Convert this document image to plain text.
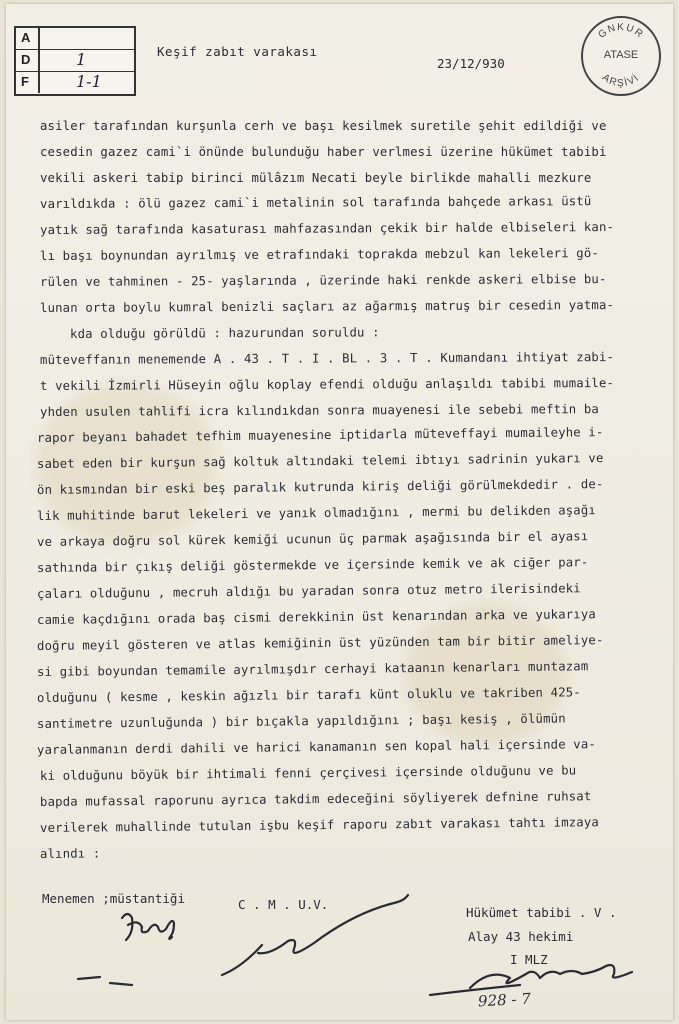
A
D	1
F	1-1
Keşif zabıt varakası
23/12/930
GNKUR
ARŞİVİ
ATASE
asiler tarafından kurşunla cerh ve başı kesilmek suretile şehit edildiği ve
cesedin gazez cami`i önünde bulunduğu haber verlmesi üzerine hükümet tabibi
vekili askeri tabip birinci mülâzım Necati beyle birlikde mahalli mezkure
varıldıkda : ölü gazez cami`i metalinin sol tarafında bahçede arkası üstü
yatık sağ tarafında kasaturası mahfazasından çekik bir halde elbiseleri kan-
lı başı boynundan ayrılmış ve etrafındaki toprakda mebzul kan lekeleri gö-
rülen ve tahminen - 25- yaşlarında , üzerinde haki renkde askeri elbise bu-
lunan orta boylu kumral benizli saçları az ağarmış matruş bir cesedin yatma-
kda olduğu görüldü : hazurundan soruldu :
müteveffanın menemende A . 43 . T . I . BL . 3 . T . Kumandanı ihtiyat zabi-
t vekili İzmirli Hüseyin oğlu koplay efendi olduğu anlaşıldı tabibi mumaile-
yhden usulen tahlifi icra kılındıkdan sonra muayenesi ile sebebi meftin ba
rapor beyanı bahadet tefhim muayenesine iptidarla müteveffayi mumaileyhe i-
sabet eden bir kurşun sağ koltuk altındaki telemi ibtıyı sadrinin yukarı ve
ön kısmından bir eski beş paralık kutrunda kiriş deliği görülmekdedir . de-
lik muhitinde barut lekeleri ve yanık olmadığını , mermi bu delikden aşağı
ve arkaya doğru sol kürek kemiği ucunun üç parmak aşağısında bir el ayası
sathında bir çıkış deliği göstermekde ve içersinde kemik ve ak ciğer par-
çaları olduğunu , mecruh aldığı bu yaradan sonra otuz metro ilerisindeki
camie kaçdığını orada baş cismi derekkinin üst kenarından arka ve yukarıya
doğru meyil gösteren ve atlas kemiğinin üst yüzünden tam bir bitir ameliye-
si gibi boyundan temamile ayrılmışdır cerhayi kataanın kenarları muntazam
olduğunu ( kesme , keskin ağızlı bir tarafı künt oluklu ve takriben 425-
santimetre uzunluğunda ) bir bıçakla yapıldığını ; başı kesiş , ölümün
yaralanmanın derdi dahili ve harici kanamanın sen kopal hali içersinde va-
ki olduğunu böyük bir ihtimali fenni çerçivesi içersinde olduğunu ve bu
bapda mufassal raporunu ayrıca takdim edeceğini söyliyerek defnine ruhsat
verilerek muhallinde tutulan işbu keşif raporu zabıt varakası tahtı imzaya
alındı :
Menemen ;müstantiği	C . M . U.V.
Hükümet tabibi . V .
Alay 43 hekimi
I MLZ
928 - 7
